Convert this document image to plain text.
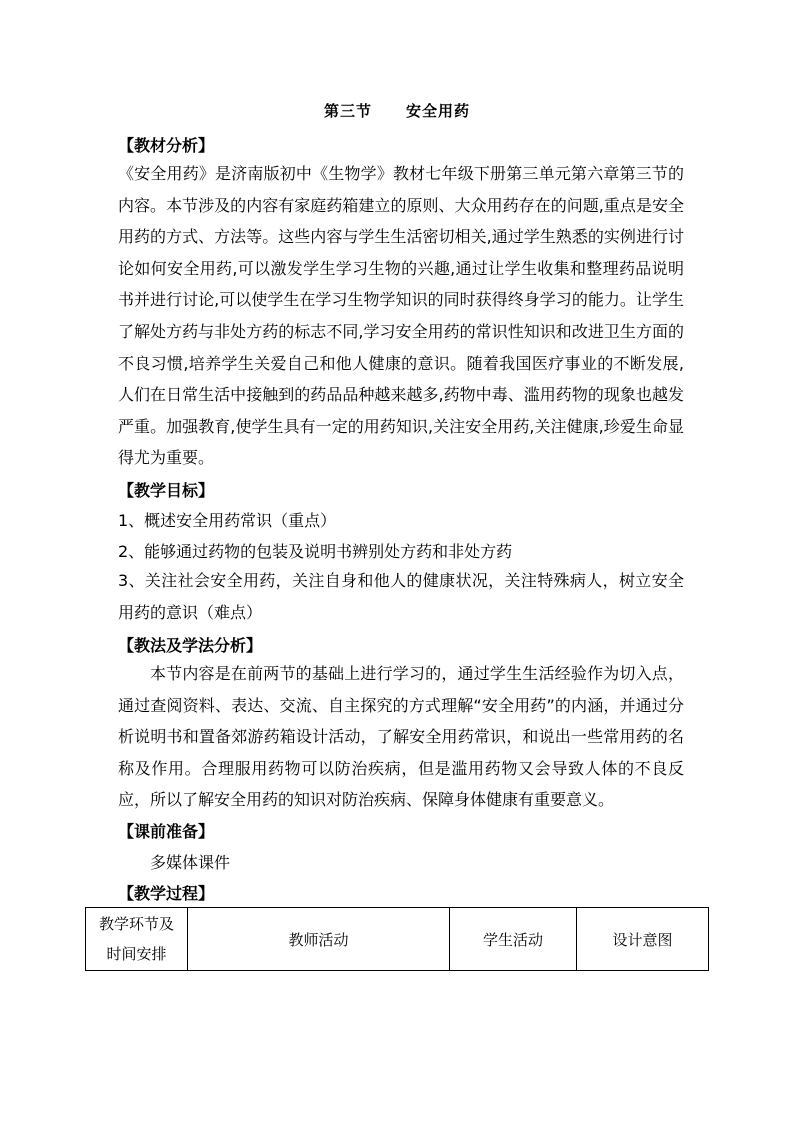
第三节 安全用药
【教材分析】

《安全用药》是济南版初中《生物学》教材七年级下册第三单元第六章第三节的内容。本节涉及的内容有家庭药箱建立的原则、大众用药存在的问题,重点是安全用药的方式、方法等。这些内容与学生生活密切相关,通过学生熟悉的实例进行讨论如何安全用药,可以激发学生学习生物的兴趣,通过让学生收集和整理药品说明书并进行讨论,可以使学生在学习生物学知识的同时获得终身学习的能力。让学生了解处方药与非处方药的标志不同,学习安全用药的常识性知识和改进卫生方面的不良习惯,培养学生关爱自己和他人健康的意识。随着我国医疗事业的不断发展,人们在日常生活中接触到的药品品种越来越多,药物中毒、滥用药物的现象也越发严重。加强教育,使学生具有一定的用药知识,关注安全用药,关注健康,珍爱生命显得尤为重要。

【教学目标】
1、概述安全用药常识（重点）
2、能够通过药物的包装及说明书辨别处方药和非处方药

3、关注社会安全用药，关注自身和他人的健康状况，关注特殊病人，树立安全用药的意识（难点）

【教法及学法分析】

本节内容是在前两节的基础上进行学习的，通过学生生活经验作为切入点，通过查阅资料、表达、交流、自主探究的方式理解“安全用药”的内涵，并通过分析说明书和置备郊游药箱设计活动，了解安全用药常识，和说出一些常用药的名称及作用。合理服用药物可以防治疾病，但是滥用药物又会导致人体的不良反应，所以了解安全用药的知识对防治疾病、保障身体健康有重要意义。

【课前准备】
多媒体课件
【教学过程】
教学环节及
时间安排
	教师活动	学生活动	设计意图
